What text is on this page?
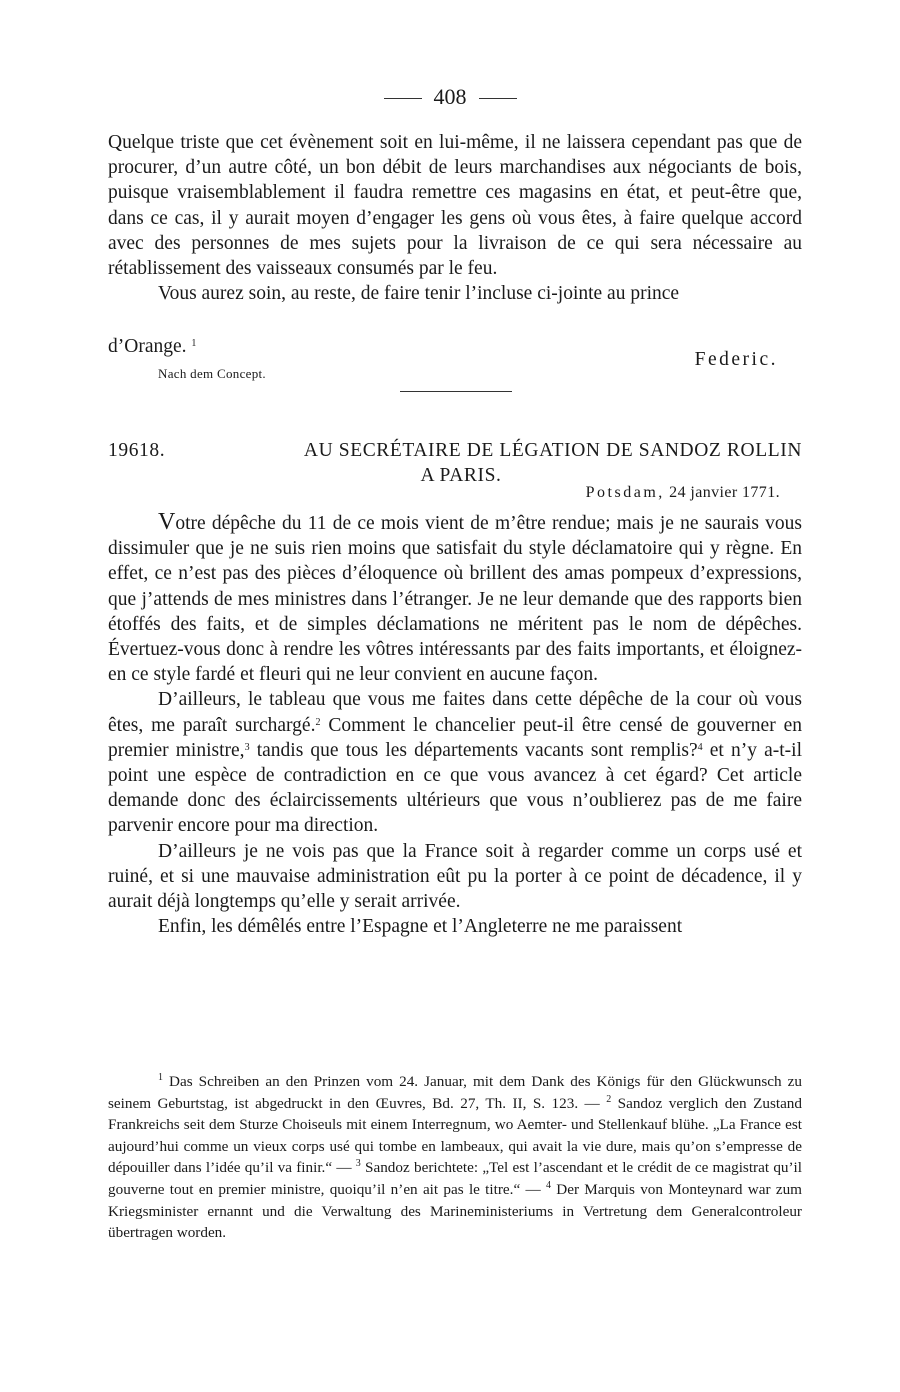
408

Quelque triste que cet évènement soit en lui-même, il ne laissera cependant pas que de procurer, d’un autre côté, un bon débit de leurs marchandises aux négociants de bois, puisque vraisemblablement il faudra remettre ces magasins en état, et peut-être que, dans ce cas, il y aurait moyen d’engager les gens où vous êtes, à faire quelque accord avec des personnes de mes sujets pour la livraison de ce qui sera nécessaire au rétablissement des vaisseaux consumés par le feu.

Vous aurez soin, au reste, de faire tenir l’incluse ci-jointe au prince

d’Orange. $^1$
Federic.
Nach dem Concept.
19618.	AU SECRÉTAIRE DE LÉGATION DE SANDOZ ROLLIN
A PARIS.
Potsdam, 24 janvier 1771.

Votre dépêche du 11 de ce mois vient de m’être rendue; mais je ne saurais vous dissimuler que je ne suis rien moins que satisfait du style déclamatoire qui y règne. En effet, ce n’est pas des pièces d’éloquence où brillent des amas pompeux d’expressions, que j’attends de mes ministres dans l’étranger. Je ne leur demande que des rapports bien étoffés des faits, et de simples déclamations ne méritent pas le nom de dépêches. Évertuez-vous donc à rendre les vôtres intéressants par des faits importants, et éloignez-en ce style fardé et fleuri qui ne leur convient en aucune façon.

D’ailleurs, le tableau que vous me faites dans cette dépêche de la cour où vous êtes, me paraît surchargé.$^2$ Comment le chancelier peut-il être censé de gouverner en premier ministre,$^3$ tandis que tous les départements vacants sont remplis?$^4$ et n’y a-t-il point une espèce de contradiction en ce que vous avancez à cet égard? Cet article demande donc des éclaircissements ultérieurs que vous n’oublierez pas de me faire parvenir encore pour ma direction.

D’ailleurs je ne vois pas que la France soit à regarder comme un corps usé et ruiné, et si une mauvaise administration eût pu la porter à ce point de décadence, il y aurait déjà longtemps qu’elle y serait arrivée.

Enfin, les démêlés entre l’Espagne et l’Angleterre ne me paraissent

$^1$ Das Schreiben an den Prinzen vom 24. Januar, mit dem Dank des Königs für den Glückwunsch zu seinem Geburtstag, ist abgedruckt in den Œuvres, Bd. 27, Th. II, S. 123. — $^2$ Sandoz verglich den Zustand Frankreichs seit dem Sturze Choiseuls mit einem Interregnum, wo Aemter- und Stellenkauf blühe. „La France est aujourd’hui comme un vieux corps usé qui tombe en lambeaux, qui avait la vie dure, mais qu’on s’empresse de dépouiller dans l’idée qu’il va finir.“ — $^3$ Sandoz berichtete: „Tel est l’ascendant et le crédit de ce magistrat qu’il gouverne tout en premier ministre, quoiqu’il n’en ait pas le titre.“ — $^4$ Der Marquis von Monteynard war zum Kriegsminister ernannt und die Verwaltung des Marineministeriums in Vertretung dem Generalcontroleur übertragen worden.
